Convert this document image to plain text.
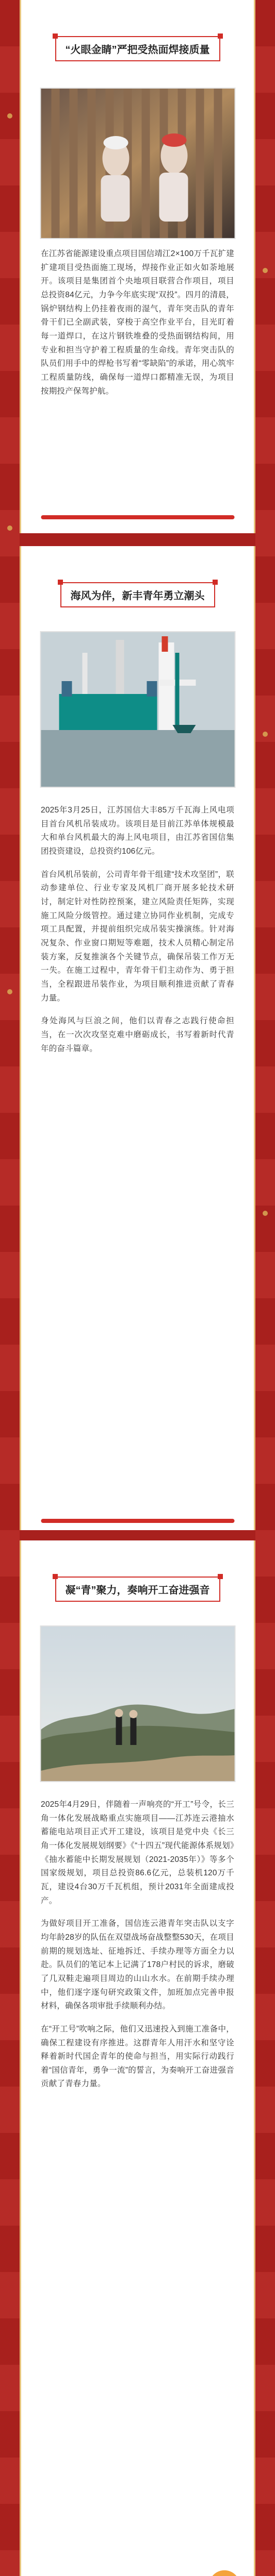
“火眼金睛”严把受热面焊接质量

在江苏省能源建设重点项目国信靖江2×100万千瓦扩建扩建项目受热面施工现场，焊接作业正如火如荼地展开。该项目是集团首个央地项目联营合作项目，项目总投资84亿元，力争今年底实现“双投”。四月的清晨，锅炉钢结构上仍挂着夜雨的湿气，青年突击队的青年骨干们已全副武装，穿梭于高空作业平台，目光盯着每一道焊口，在这片钢铁堆叠的受热面钢结构间，用专业和担当守护着工程质量的生命线。青年突击队的队员们用手中的焊枪书写着“零缺陷”的承诺，用心筑牢工程质量防线，确保每一道焊口都精准无误，为项目按期投产保驾护航。

海风为伴，新丰青年勇立潮头

2025年3月25日，江苏国信大丰85万千瓦海上风电项目首台风机吊装成功。该项目是目前江苏单体规模最大和单台风机最大的海上风电项目，由江苏省国信集团投资建设，总投资约106亿元。

首台风机吊装前，公司青年骨干组建“技术攻坚团”，联动参建单位、行业专家及风机厂商开展多轮技术研讨，制定针对性防控预案，建立风险责任矩阵，实现施工风险分级管控。通过建立协同作业机制，完成专项工具配置，并提前组织完成吊装实操演练。针对海况复杂、作业窗口期短等难题，技术人员精心制定吊装方案，反复推演各个关键节点，确保吊装工作万无一失。在施工过程中，青年骨干们主动作为、勇于担当，全程跟进吊装作业，为项目顺利推进贡献了青春力量。

身处海风与巨浪之间，他们以青春之志践行使命担当，在一次次攻坚克难中磨砺成长，书写着新时代青年的奋斗篇章。

凝“青”聚力，奏响开工奋进强音

2025年4月29日，伴随着一声响亮的“开工”号令，长三角一体化发展战略重点实施项目——江苏连云港抽水蓄能电站项目正式开工建设，该项目是党中央《长三角一体化发展规划纲要》《“十四五”现代能源体系规划》《抽水蓄能中长期发展规划（2021-2035年）》等多个国家级规划，项目总投资86.6亿元，总装机120万千瓦，建设4台30万千瓦机组，预计2031年全面建成投产。

为做好项目开工准备，国信连云港青年突击队以支字均年龄28岁的队伍在双望战场奋战整整530天，在项目前期的规划选址、征地拆迁、手续办理等方面全力以赴。队员们的笔记本上记满了178户村民的诉求，磨破了几双鞋走遍项目周边的山山水水。在前期手续办理中，他们逐字逐句研究政策文件，加班加点完善申报材料，确保各项审批手续顺利办结。

在“开工号”吹响之际，他们又迅速投入到施工准备中，确保工程建设有序推进。这群青年人用汗水和坚守诠释着新时代国企青年的使命与担当，用实际行动践行着“国信青年，勇争一流”的誓言，为奏响开工奋进强音贡献了青春力量。
